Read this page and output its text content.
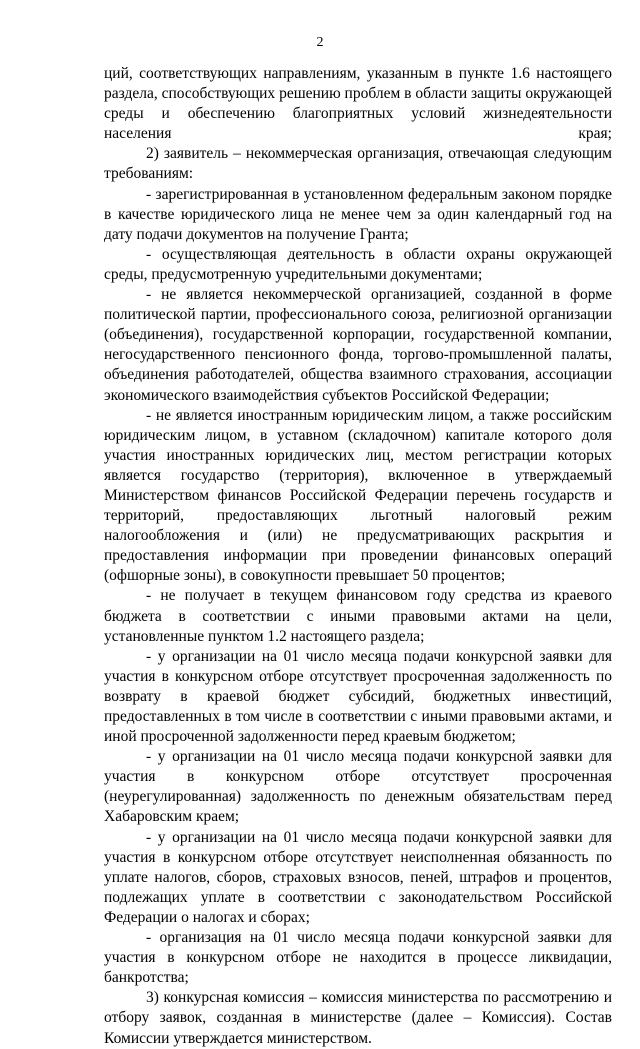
2

ций, соответствующих направлениям, указанным в пункте 1.6 настоящего раздела, способствующих решению проблем в области защиты окружающей среды и обеспечению благоприятных условий жизнедеятельности населения края;

2) заявитель – некоммерческая организация, отвечающая следующим требованиям:

- зарегистрированная в установленном федеральным законом порядке в качестве юридического лица не менее чем за один календарный год на дату подачи документов на получение Гранта;

- осуществляющая деятельность в области охраны окружающей среды, предусмотренную учредительными документами;

- не является некоммерческой организацией, созданной в форме политической партии, профессионального союза, религиозной организации (объединения), государственной корпорации, государственной компании, негосударственного пенсионного фонда, торгово-промышленной палаты, объединения работодателей, общества взаимного страхования, ассоциации экономического взаимодействия субъектов Российской Федерации;

- не является иностранным юридическим лицом, а также российским юридическим лицом, в уставном (складочном) капитале которого доля участия иностранных юридических лиц, местом регистрации которых является государство (территория), включенное в утверждаемый Министерством финансов Российской Федерации перечень государств и территорий, предоставляющих льготный налоговый режим налогообложения и (или) не предусматривающих раскрытия и предоставления информации при проведении финансовых операций (офшорные зоны), в совокупности превышает 50 процентов;

- не получает в текущем финансовом году средства из краевого бюджета в соответствии с иными правовыми актами на цели, установленные пунктом 1.2 настоящего раздела;

- у организации на 01 число месяца подачи конкурсной заявки для участия в конкурсном отборе отсутствует просроченная задолженность по возврату в краевой бюджет субсидий, бюджетных инвестиций, предоставленных в том числе в соответствии с иными правовыми актами, и иной просроченной задолженности перед краевым бюджетом;

- у организации на 01 число месяца подачи конкурсной заявки для участия в конкурсном отборе отсутствует просроченная (неурегулированная) задолженность по денежным обязательствам перед Хабаровским краем;

- у организации на 01 число месяца подачи конкурсной заявки для участия в конкурсном отборе отсутствует неисполненная обязанность по уплате налогов, сборов, страховых взносов, пеней, штрафов и процентов, подлежащих уплате в соответствии с законодательством Российской Федерации о налогах и сборах;

- организация на 01 число месяца подачи конкурсной заявки для участия в конкурсном отборе не находится в процессе ликвидации, банкротства;

3) конкурсная комиссия – комиссия министерства по рассмотрению и отбору заявок, созданная в министерстве (далее – Комиссия). Состав Комиссии утверждается министерством.
